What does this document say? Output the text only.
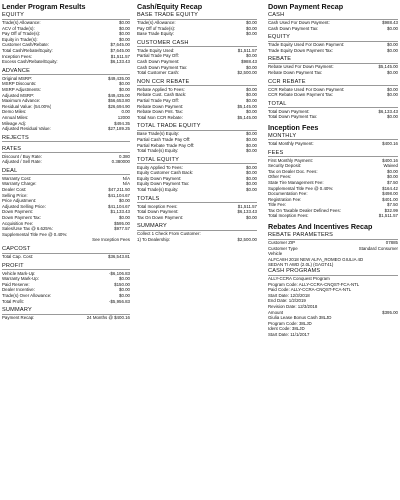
Lender Program Results
EQUITY
Trade(s) Allowance:	$0.00
ACV of Trade(s):	$0.00
Pay Off of Trade(s):	$0.00
Equity in Trade(s):	$0.00
Customer Cash/Rebate:	$7,645.00
Total Cash/Rebate/Equity:	$7,645.00
Inception Fees:	$1,511.57
Excess Cash/Rebate/Equity:	$6,133.43
ADVANCE
Original MSRP:	$49,435.00
MSRP Discounts:	$0.00
MSRP Adjustments:	$0.00
Adjusted MSRP:	$49,435.00
Maximum Advance:	$56,653.80
Residual Value: (54.00%)	$26,694.90
Demo Miles:	0.00
Annual Miles:	12000
Mileage Adj:	$494.35
Adjusted Residual Value:	$27,189.25
REJECTS
RATES
Discount / Buy Rate:	0.380
Adjusted / Sell Rate:	0.380000
DEAL
Warranty Cost:	N/A
Warranty Charge:	N/A
Dealer Cost:	$47,211.50
Selling Price:	$41,104.67
Price Adjustment:	$0.00
Adjusted Selling Price:	$41,104.67
Down Payment:	$1,133.43
Down Payment Tax:	$0.00
Acquisition Fee:	$595.00
Sales/Use Tax @ 6.625%:	$977.57
Supplemental Title Fee @ 0.40%:
See Inception Fees
CAPCOST
Total Cap. Cost:	$36,543.81
PROFIT
Vehicle Mark-Up:	-$6,106.83
Warranty Mark-Up:	$0.00
Paid Reserve:	$150.00
Dealer Incentive:	$0.00
Trade(s) Over Allowance:	$0.00
Total Profit:	-$5,956.83
SUMMARY
Payment Recap:	24 Months @ $400.16
Cash/Equity Recap
BASE TRADE EQUITY
Trade(s) Allowance:	$0.00
Pay Off of Trade(s):	$0.00
Base Trade Equity:	$0.00
CUSTOMER CASH
Trade Equity Used:	$1,511.57
Partial Trade Pay Off:	$0.00
Cash Down Payment:	$988.43
Cash Down Payment Tax:	$0.00
Total Customer Cash:	$2,500.00
NON CCR REBATE
Rebate Applied To Fees:	$0.00
Rebate Cust. Cash Back:	$0.00
Partial Trade Pay Off:	$0.00
Rebate Down Payment:	$5,145.00
Rebate Down Pmt. Tax:	$0.00
Total Non CCR Rebate:	$5,145.00
TOTAL TRADE EQUITY
Base Trade(s) Equity:	$0.00
Partial Cash Trade Pay Off:	$0.00
Partial Rebate Trade Pay Off:	$0.00
Total Trade(s) Equity:	$0.00
TOTAL EQUITY
Equity Applied To Fees:	$0.00
Equity Customer Cash Back:	$0.00
Equity Down Payment:	$0.00
Equity Down Payment Tax:	$0.00
Total Trade(s) Equity:	$0.00
TOTALS
Total Inception Fees:	$1,511.57
Total Down Payment:	$6,133.43
Tax On Down Payment:	$0.00
SUMMARY
Collect 1 Check From Customer:
1) To Dealership:	$2,500.00
Down Payment Recap
CASH
Cash Used For Down Payment:	$988.43
Cash Down Payment Tax:	$0.00
EQUITY
Trade Equity Used For Down Payment:	$0.00
Trade Equity Down Payment Tax:	$0.00
REBATE
Rebate Used For Down Payment:	$5,145.00
Rebate Down Payment Tax:	$0.00
CCR REBATE
CCR Rebate Used For Down Payment:	$0.00
CCR Rebate Down Payment Tax:	$0.00
TOTAL
Total Down Payment:	$6,133.43
Total Down Payment Tax:	$0.00
Inception Fees
MONTHLY
Total Monthly Payment:	$400.16
FEES
First Monthly Payment:	$400.16
Security Deposit:	Waived
Tax on Dealer Doc. Fees:	$0.00
Other Fees:	$0.00
State Tire Management Fee:	$7.50
Supplemental Title Fee @ 0.40%:	$164.42
Documentation Fee:	$498.00
Registration Fee:	$401.00
Title Fee:	$7.50
Tax On Taxable Dealer Defined Fees:	$32.99
Total Inception Fees:	$1,511.57
Rebates And Incentives Recap
REBATE PARAMETERS
Customer ZIP	07885
Customer Type	Standard Consumer
Vehicle
ALFCA8H 2018 NEW ALFA_ROMEO GIULIA 4D
SEDAN TI AWD (2.0L) (GAGT41)
CASH PROGRAMS
ALLY-CCRA Conquest Program
Program Code: ALLY-CCRA-CNQST-FCA-NTL
Paid Code: ALLY-CCRA-CNQST-FCA-NTL
Start Date: 12/3/2018
End Date: 1/2/2019
Revision Date: 12/3/2018
Amount	$395.00
Giulia Lease Bonus Cash 38LJD
Program Code: 38LJD
Ident Code: 38LJD
Start Date: 11/1/2017
